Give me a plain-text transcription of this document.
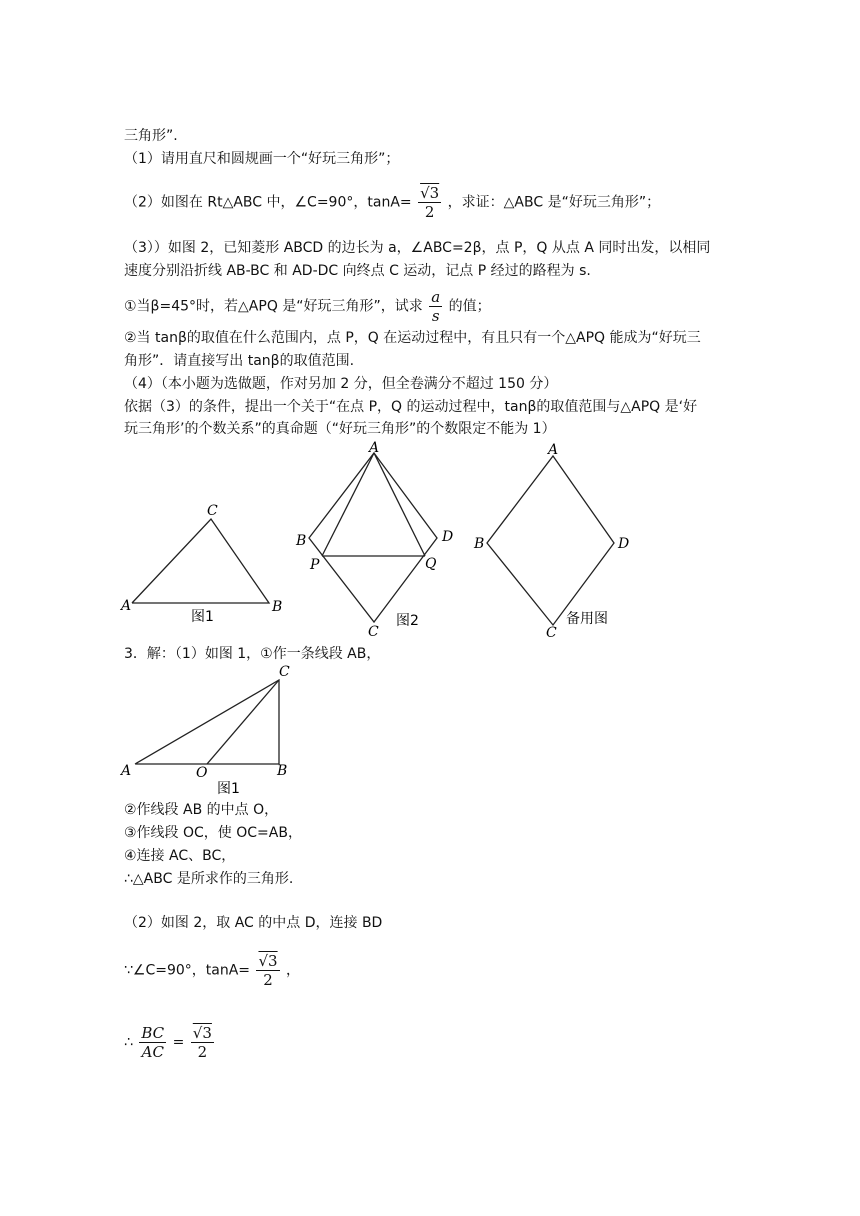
三角形”.
（1）请用直尺和圆规画一个“好玩三角形”；
（2）如图在 Rt△ABC 中，∠C=90°，$\tan A= \frac{√3}{2}$ ，求证：△ABC 是“好玩三角形”；
（3））如图 2，已知菱形 ABCD 的边长为 a，∠ABC=2β，点 P，Q 从点 A 同时出发，以相同
速度分别沿折线 AB-BC 和 AD-DC 向终点 C 运动，记点 P 经过的路程为 s.
①当β=45°时，若△APQ 是“好玩三角形”，试求 $\frac{a}{s}$ 的值；
②当 tanβ的取值在什么范围内，点 P，Q 在运动过程中，有且只有一个△APQ 能成为“好玩三
角形”．请直接写出 tanβ的取值范围.
（4）（本小题为选做题，作对另加 2 分，但全卷满分不超过 150 分）
依据（3）的条件，提出一个关于“在点 P，Q 的运动过程中，tanβ的取值范围与△APQ 是‘好
玩三角形’的个数关系”的真命题（“好玩三角形”的个数限定不能为 1）
C
A	B
图1
A
B	D
P	Q
C
图2
A
B	D
C
备用图
C
A	O	B
图1
3．解：（1）如图 1，①作一条线段 AB，
②作线段 AB 的中点 O，
③作线段 OC，使 OC=AB，
④连接 AC、BC，
∴△ABC 是所求作的三角形.
（2）如图 2，取 AC 的中点 D，连接 BD
∵∠C=90°，$\tan A= \frac{√3}{2}$ ，
∴ $\frac{BC}{AC} = \frac{√3}{2}$
